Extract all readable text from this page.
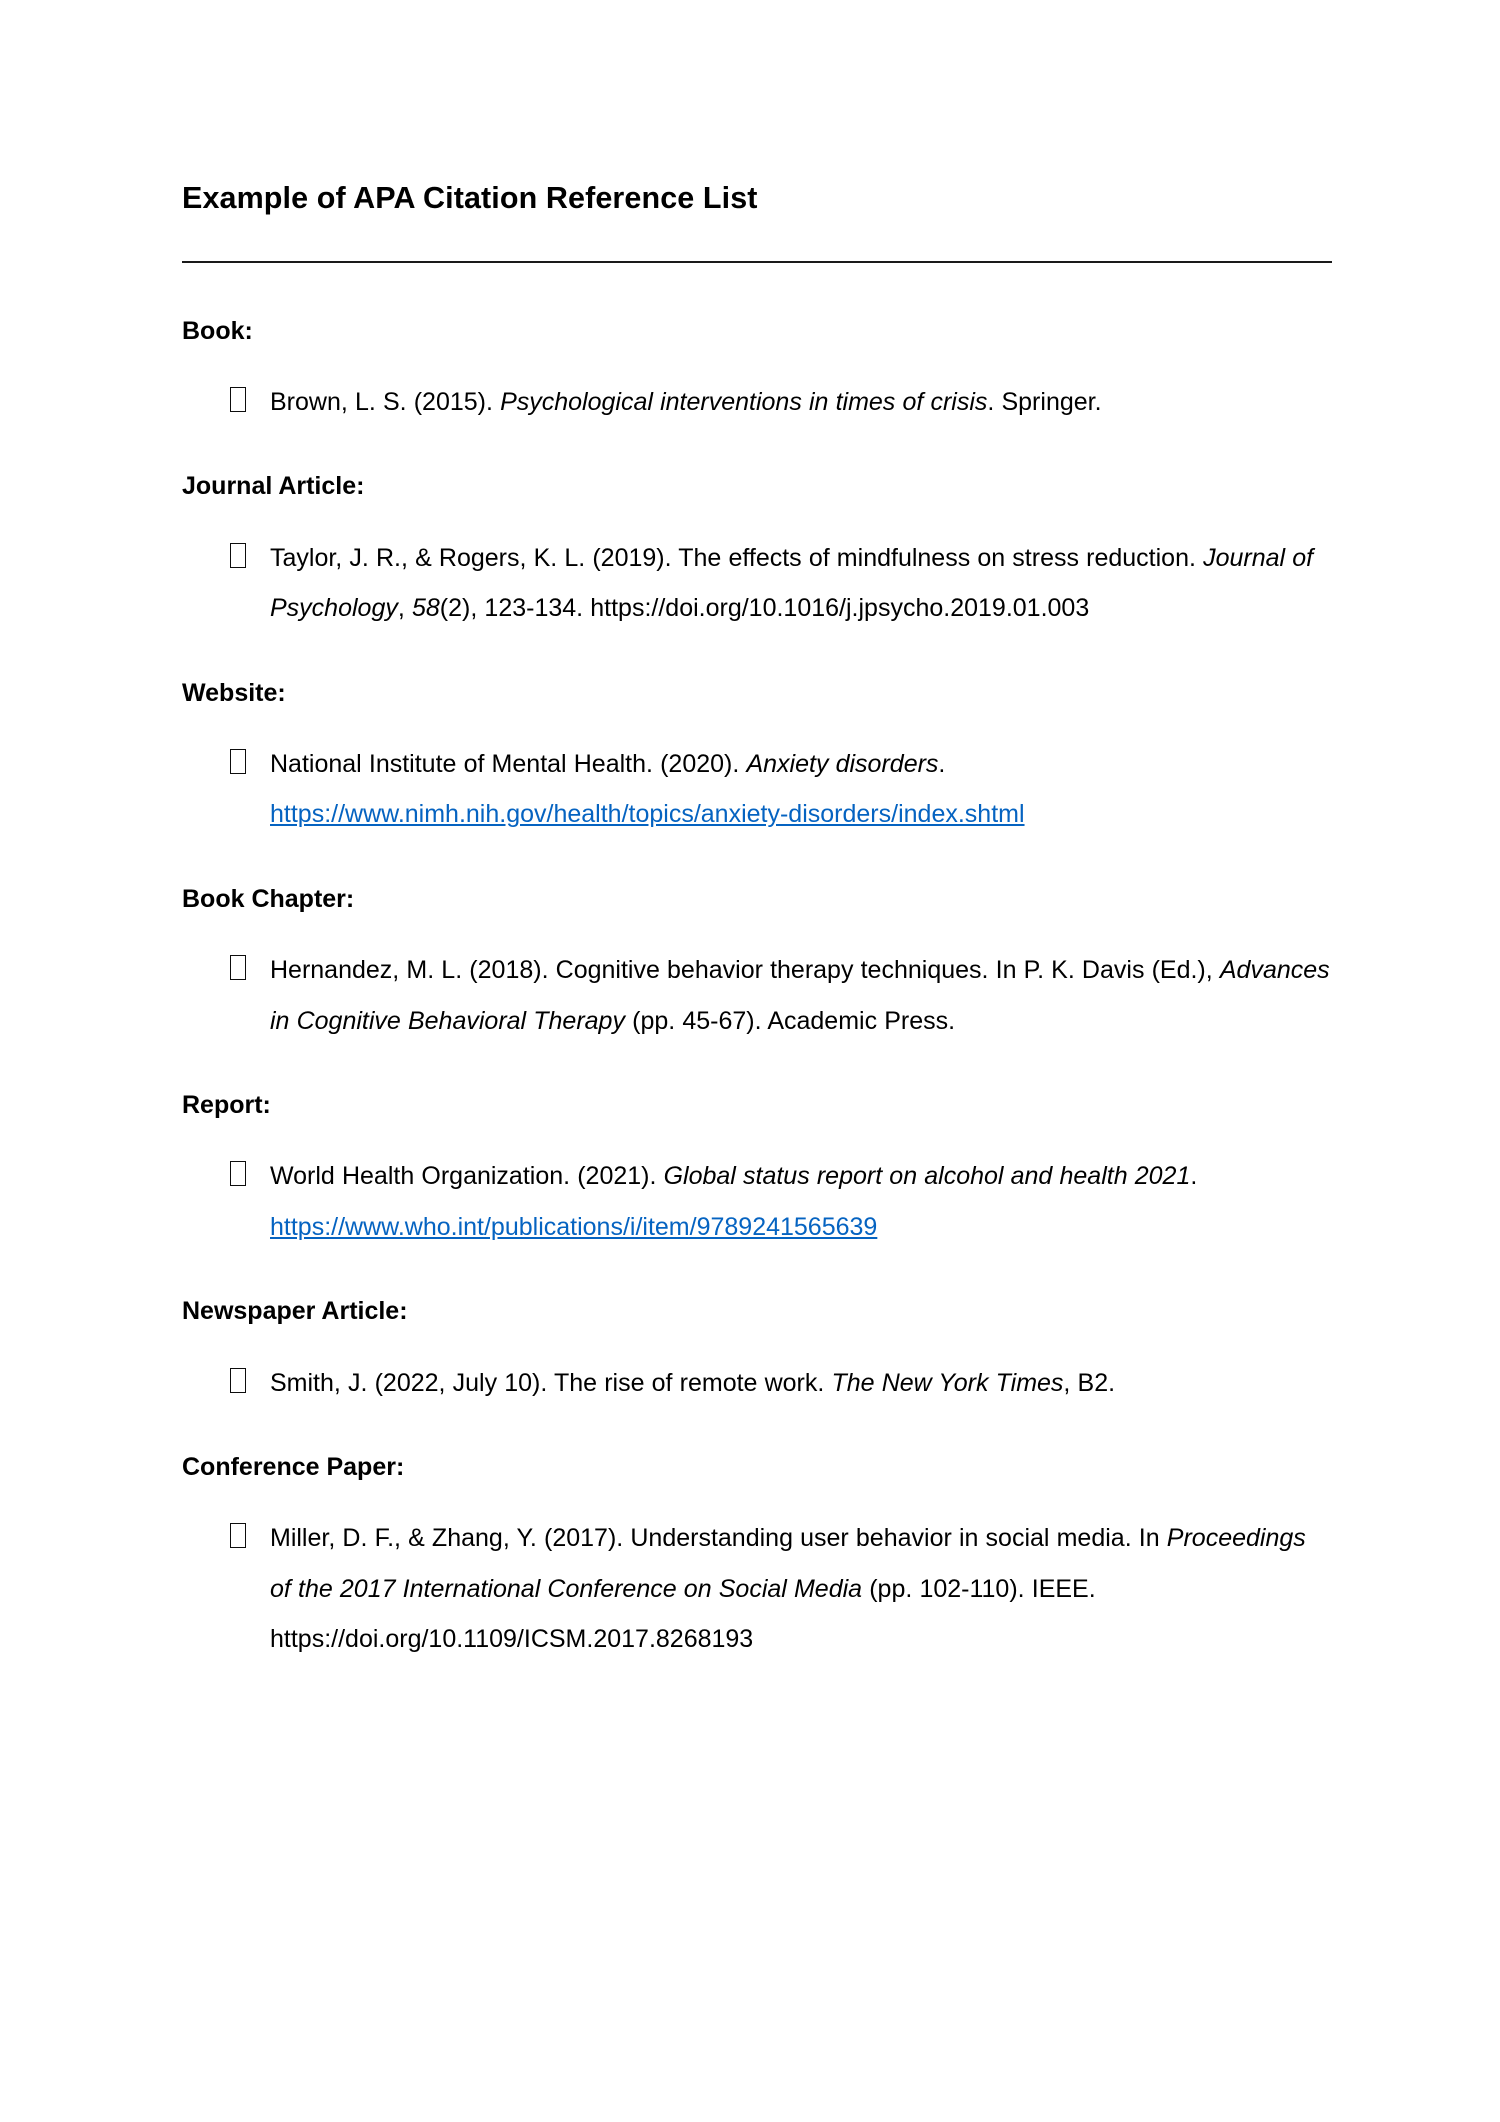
Example of APA Citation Reference List
Book:
Brown, L. S. (2015). Psychological interventions in times of crisis. Springer.
Journal Article:
Taylor, J. R., & Rogers, K. L. (2019). The effects of mindfulness on stress reduction. Journal of Psychology, 58(2), 123-134. https://doi.org/10.1016/j.jpsycho.2019.01.003
Website:
National Institute of Mental Health. (2020). Anxiety disorders. https://www.nimh.nih.gov/health/topics/anxiety-disorders/index.shtml
Book Chapter:
Hernandez, M. L. (2018). Cognitive behavior therapy techniques. In P. K. Davis (Ed.), Advances in Cognitive Behavioral Therapy (pp. 45-67). Academic Press.
Report:
World Health Organization. (2021). Global status report on alcohol and health 2021. https://www.who.int/publications/i/item/9789241565639
Newspaper Article:
Smith, J. (2022, July 10). The rise of remote work. The New York Times, B2.
Conference Paper:
Miller, D. F., & Zhang, Y. (2017). Understanding user behavior in social media. In Proceedings of the 2017 International Conference on Social Media (pp. 102-110). IEEE. https://doi.org/10.1109/ICSM.2017.8268193
